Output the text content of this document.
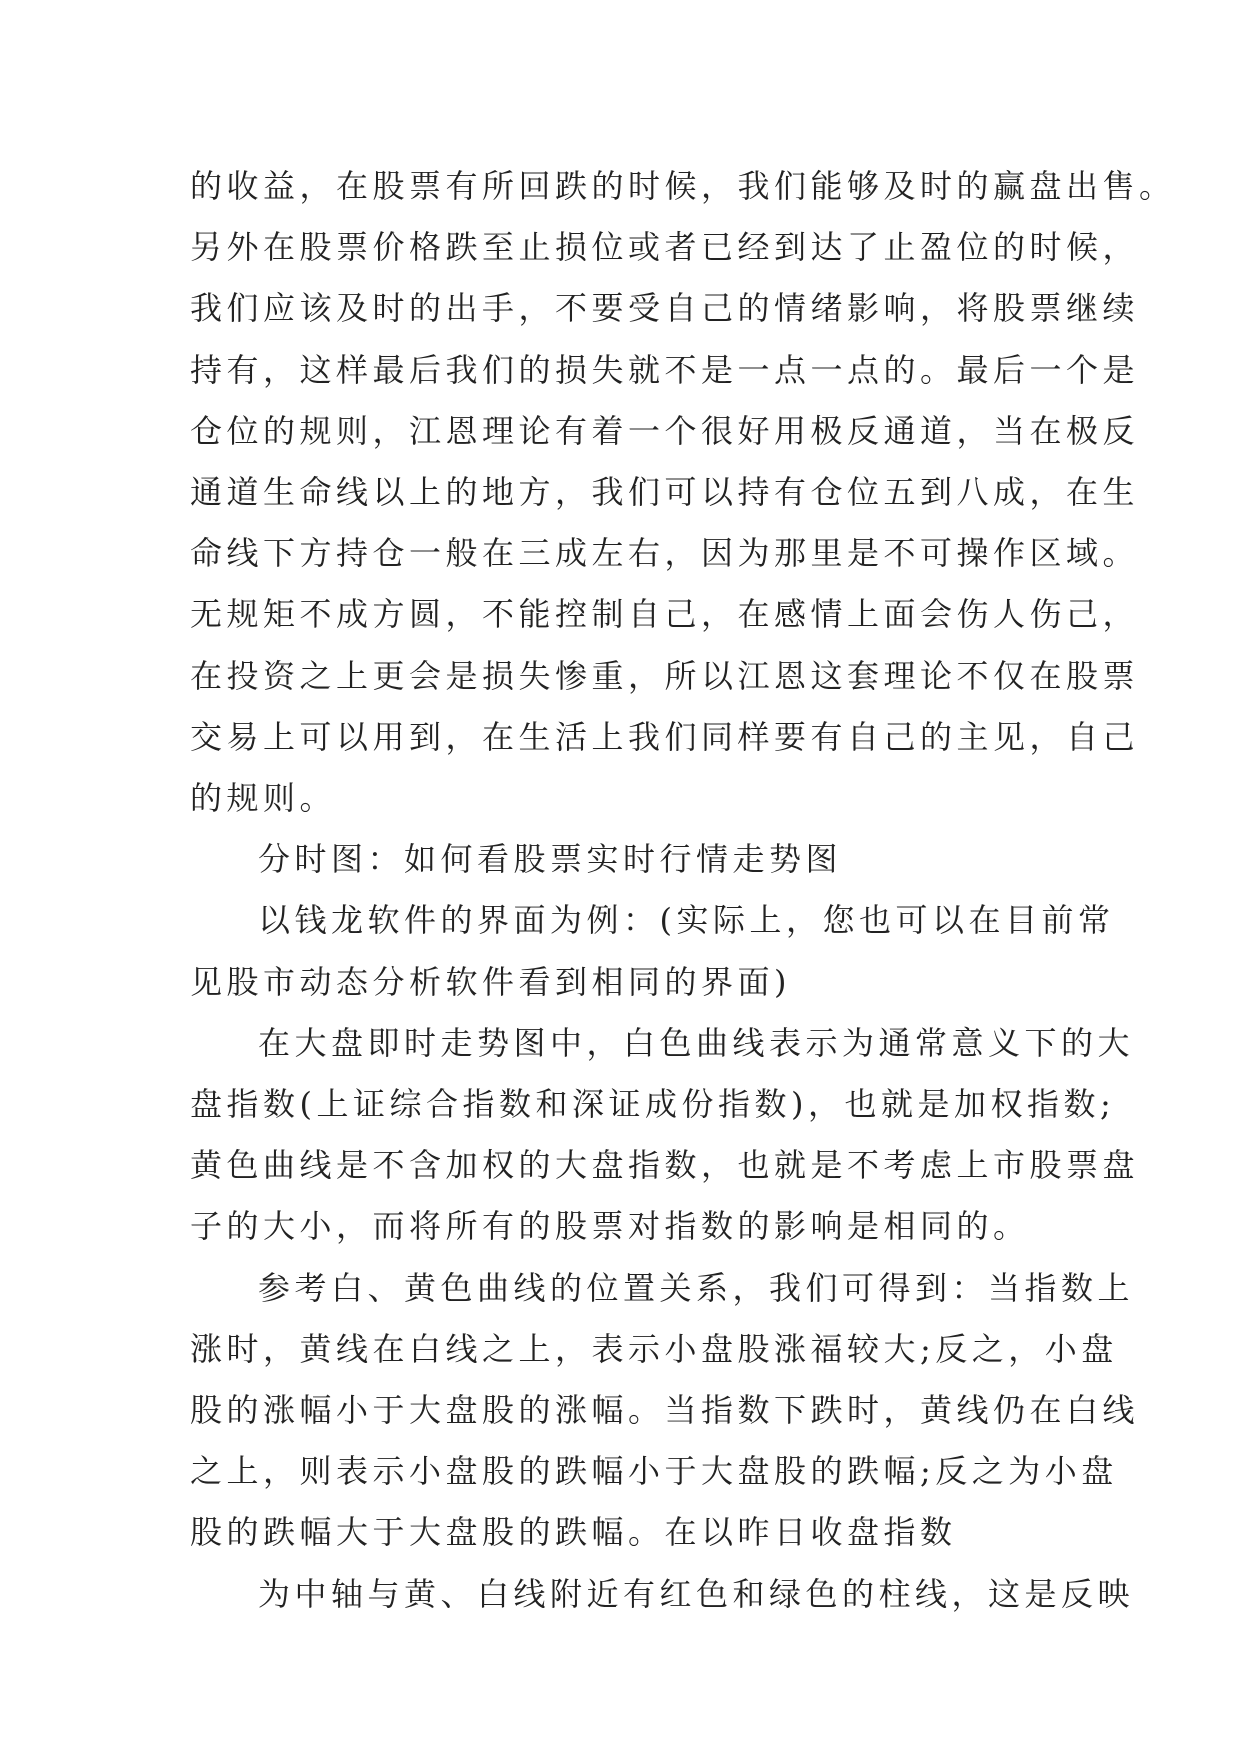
的收益，在股票有所回跌的时候，我们能够及时的赢盘出售。
另外在股票价格跌至止损位或者已经到达了止盈位的时候，
我们应该及时的出手，不要受自己的情绪影响，将股票继续
持有，这样最后我们的损失就不是一点一点的。最后一个是
仓位的规则，江恩理论有着一个很好用极反通道，当在极反
通道生命线以上的地方，我们可以持有仓位五到八成，在生
命线下方持仓一般在三成左右，因为那里是不可操作区域。
无规矩不成方圆，不能控制自己，在感情上面会伤人伤己，
在投资之上更会是损失惨重，所以江恩这套理论不仅在股票
交易上可以用到，在生活上我们同样要有自己的主见，自己
的规则。

分时图：如何看股票实时行情走势图

以钱龙软件的界面为例：(实际上，您也可以在目前常
见股市动态分析软件看到相同的界面)

在大盘即时走势图中，白色曲线表示为通常意义下的大
盘指数(上证综合指数和深证成份指数)，也就是加权指数;
黄色曲线是不含加权的大盘指数，也就是不考虑上市股票盘
子的大小，而将所有的股票对指数的影响是相同的。

参考白、黄色曲线的位置关系，我们可得到：当指数上
涨时，黄线在白线之上，表示小盘股涨福较大;反之，小盘
股的涨幅小于大盘股的涨幅。当指数下跌时，黄线仍在白线
之上，则表示小盘股的跌幅小于大盘股的跌幅;反之为小盘
股的跌幅大于大盘股的跌幅。在以昨日收盘指数

为中轴与黄、白线附近有红色和绿色的柱线，这是反映
